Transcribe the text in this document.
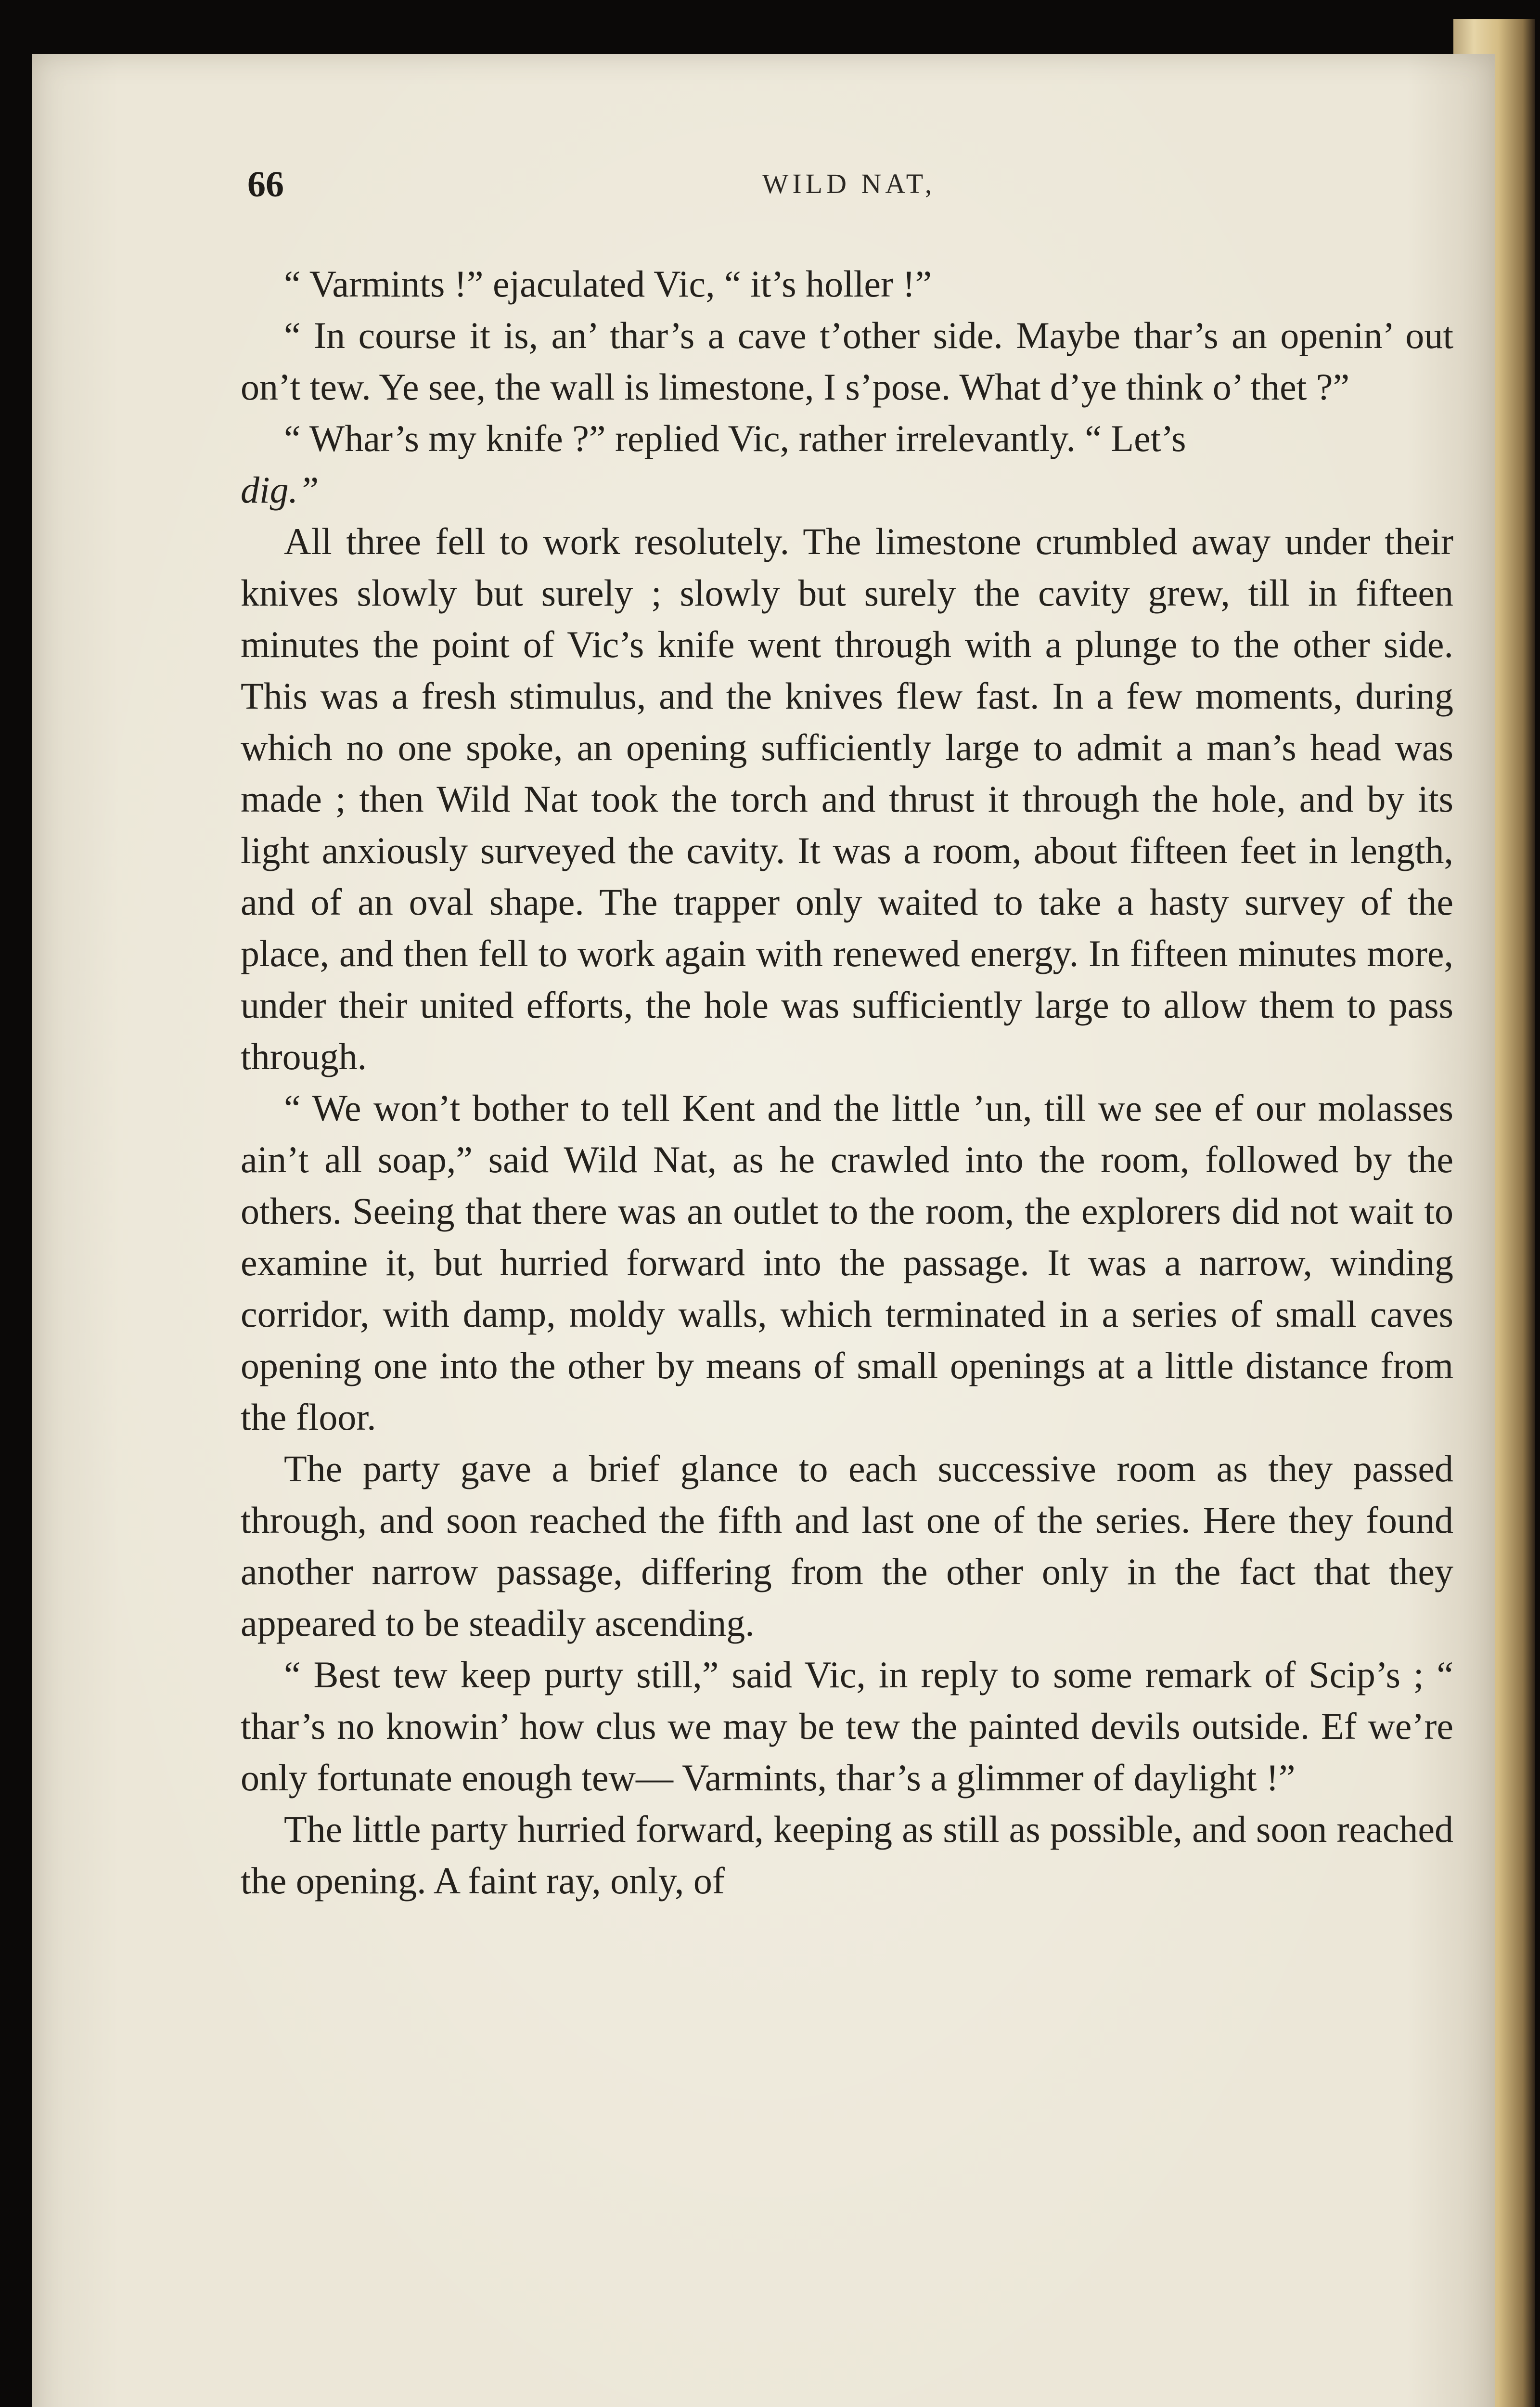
66	WILD NAT,

“ Varmints !” ejaculated Vic, “ it’s holler !”

“ In course it is, an’ thar’s a cave t’other side. Maybe thar’s an openin’ out on’t tew. Ye see, the wall is limestone, I s’pose. What d’ye think o’ thet ?”

“ Whar’s my knife ?” replied Vic, rather irrelevantly. “ Let’s
dig.”

All three fell to work resolutely. The limestone crumbled away under their knives slowly but surely ; slowly but surely the cavity grew, till in fifteen minutes the point of Vic’s knife went through with a plunge to the other side. This was a fresh stimulus, and the knives flew fast. In a few moments, during which no one spoke, an opening sufficiently large to admit a man’s head was made ; then Wild Nat took the torch and thrust it through the hole, and by its light anxiously surveyed the cavity. It was a room, about fifteen feet in length, and of an oval shape. The trapper only waited to take a hasty survey of the place, and then fell to work again with renewed energy. In fifteen minutes more, under their united efforts, the hole was sufficiently large to allow them to pass through.

“ We won’t bother to tell Kent and the little ’un, till we see ef our molasses ain’t all soap,” said Wild Nat, as he crawled into the room, followed by the others. Seeing that there was an outlet to the room, the explorers did not wait to examine it, but hurried forward into the passage. It was a narrow, winding corridor, with damp, moldy walls, which terminated in a series of small caves opening one into the other by means of small openings at a little distance from the floor.

The party gave a brief glance to each successive room as they passed through, and soon reached the fifth and last one of the series. Here they found another narrow passage, differing from the other only in the fact that they appeared to be steadily ascending.

“ Best tew keep purty still,” said Vic, in reply to some remark of Scip’s ; “ thar’s no knowin’ how clus we may be tew the painted devils outside. Ef we’re only fortunate enough tew— Varmints, thar’s a glimmer of daylight !”

The little party hurried forward, keeping as still as possible, and soon reached the opening. A faint ray, only, of
